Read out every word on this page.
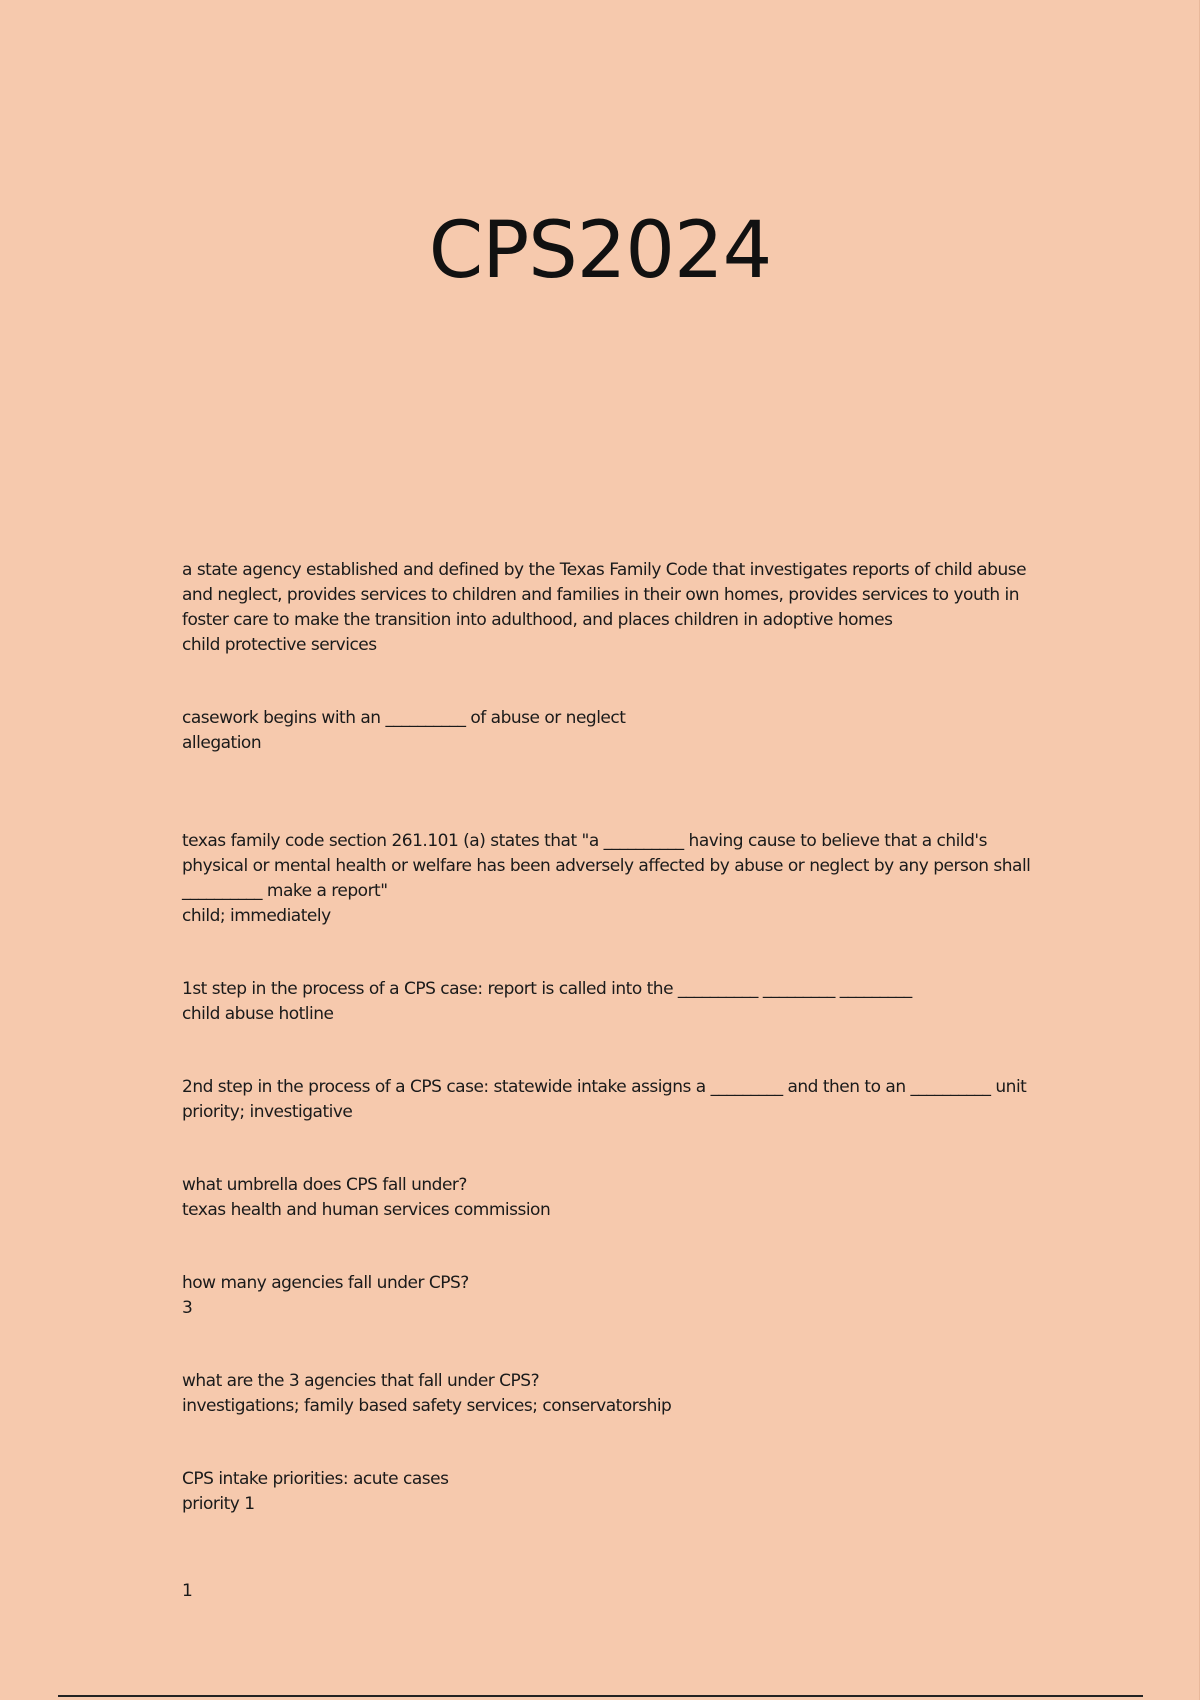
CPS2024
a state agency established and defined by the Texas Family Code that investigates reports of child abuse and neglect, provides services to children and families in their own homes, provides services to youth in foster care to make the transition into adulthood, and places children in adoptive homes
child protective services
casework begins with an __________ of abuse or neglect
allegation
texas family code section 261.101 (a) states that "a __________ having cause to believe that a child's physical or mental health or welfare has been adversely affected by abuse or neglect by any person shall __________ make a report"
child; immediately
1st step in the process of a CPS case: report is called into the __________ _________ _________
child abuse hotline
2nd step in the process of a CPS case: statewide intake assigns a _________ and then to an __________ unit
priority; investigative
what umbrella does CPS fall under?
texas health and human services commission
how many agencies fall under CPS?
3
what are the 3 agencies that fall under CPS?
investigations; family based safety services; conservatorship
CPS intake priorities: acute cases
priority 1
1
